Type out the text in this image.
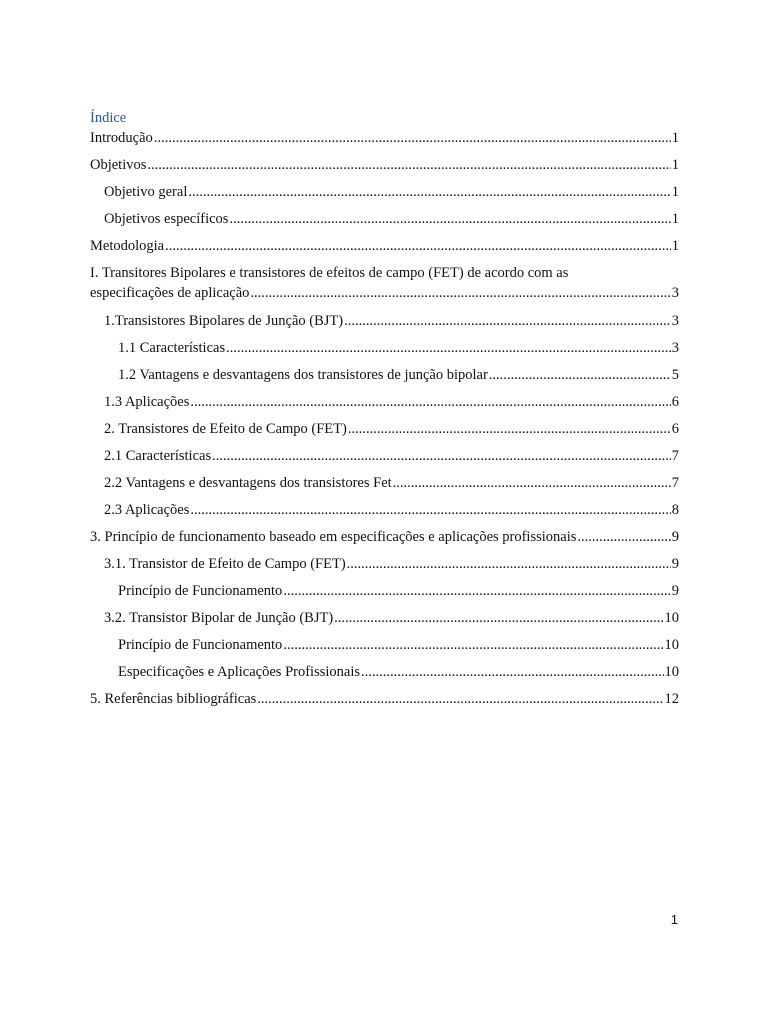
Índice
Introdução .....	1
Objetivos .....	1
Objetivo geral .....	1
Objetivos específicos .....	1
Metodologia .....	1
I. Transitores Bipolares e transistores de efeitos de campo (FET) de acordo com as
especificações de aplicação .....	3
1.Transistores Bipolares de Junção (BJT) .....	3
1.1 Características .....	3
1.2 Vantagens e desvantagens dos transistores de junção bipolar .....	5
1.3 Aplicações .....	6
2. Transistores de Efeito de Campo (FET) .....	6
2.1 Características .....	7
2.2 Vantagens e desvantagens dos transistores Fet .....	7
2.3 Aplicações .....	8
3. Princípio de funcionamento baseado em especificações e aplicações profissionais .....	9
3.1. Transistor de Efeito de Campo (FET) .....	9
Princípio de Funcionamento .....	9
3.2. Transistor Bipolar de Junção (BJT) .....	10
Princípio de Funcionamento .....	10
Especificações e Aplicações Profissionais .....	10
5. Referências bibliográficas .....	12
1
